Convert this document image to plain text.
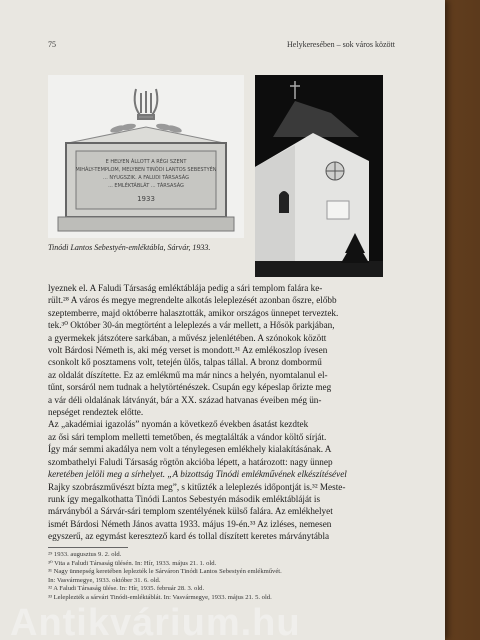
75	Helykeresében – sok város között
E HELYEN ÁLLOTT A RÉGI SZENT
MIHÁLY-TEMPLOM, MELYBEN TINÓDI LANTOS SEBESTYÉN
... NYUGSZIK. A FALUDI TÁRSASÁG
... EMLÉKTÁBLÁT ... TÁRSASÁG
1933
Tinódi Lantos Sebestyén-emléktábla, Sárvár, 1933.
lyeznek el. A Faludi Társaság emléktáblája pedig a sári templom falára ke-
rült.²⁸ A város és megye megrendelte alkotás leleplezését azonban őszre, előbb
szeptemberre, majd októberre halasztották, amikor országos ünnepet terveztek.
tek.³⁰ Október 30-án megtörtént a leleplezés a vár mellett, a Hősök parkjában,
a gyermekek játszótere sarkában, a művész jelenlétében. A szónokok között
volt Bárdosi Németh is, aki még verset is mondott.³¹ Az emlékoszlop ívesen
csonkolt kő posztamens volt, tetején ülős, talpas tállal. A bronz dombormű
az oldalát díszítette. Ez az emlékmű ma már nincs a helyén, nyomtalanul el-
tűnt, sorsáról nem tudnak a helytörténészek. Csupán egy képeslap őrizte meg
a vár déli oldalának látványát, bár a XX. század hatvanas éveiben még ün-
nepséget rendeztek előtte.
Az „akadémiai igazolás” nyomán a következő években ásatást kezdtek
az ősi sári templom melletti temetőben, és megtalálták a vándor költő sírját.
Így már semmi akadálya nem volt a ténylegesen emlékhely kialakításának. A
szombathelyi Faludi Társaság rögtön akcióba lépett, a határozott: nagy ünnep
keretében jelöli meg a sírhelyet. „A bizottság Tinódi emlékművének elkészítésével
Rajky szobrászművészt bízta meg”, s kitűzték a leleplezés időpontját is.³² Meste-
runk így megalkothatta Tinódi Lantos Sebestyén második emléktábláját is
márványból a Sárvár-sári templom szentélyének külső falára. Az emlékhelyet
ismét Bárdosi Németh János avatta 1933. május 19-én.³³ Az izléses, nemesen
egyszerű, az egymást keresztező kard és tollal díszített keretes márványtábla
²⁹ 1933. augusztus 9. 2. old.
³⁰ Vita a Faludi Társaság ülésén. In: Hír, 1933. május 21. 1. old.
³¹ Nagy ünnepség keretében leplezték le Sárváron Tinódi Lantos Sebestyén emlékművét.
In: Vasvármegye, 1933. október 31. 6. old.
³² A Faludi Társaság ülése. In: Hír, 1935. február 28. 3. old.
³³ Leleplezték a sárvári Tinódi-emléktáblát. In: Vasvármegye, 1933. május 21. 5. old.
Antikvárium.hu
